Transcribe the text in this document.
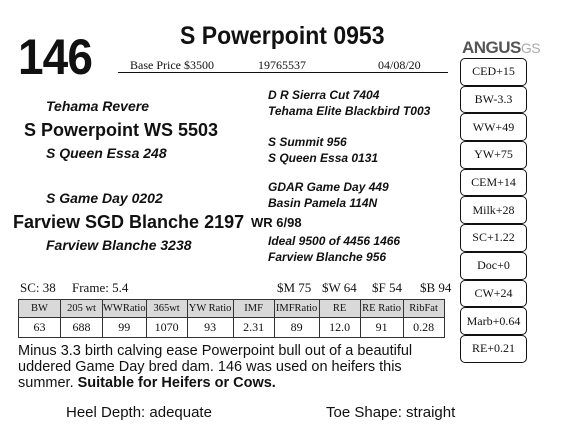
146	S Powerpoint 0953
Base Price $3500	19765537	04/08/20
ANGUSGS
Tehama Revere
S Powerpoint WS 5503
S Queen Essa 248
S Game Day 0202
Farview SGD Blanche 2197 WR 6/98
Farview Blanche 3238
D R Sierra Cut 7404
Tehama Elite Blackbird T003
S Summit 956
S Queen Essa 0131
GDAR Game Day 449
Basin Pamela 114N
Ideal 9500 of 4456 1466
Farview Blanche 956
SC: 38 Frame: 5.4	$M 75 $W 64 $F 54 $B 94
BW	205 wt	WWRatio	365wt	YW Ratio	IMF	IMFRatio	RE	RE Ratio	RibFat
63	688	99	1070	93	2.31	89	12.0	91	0.28
CED+15
BW-3.3
WW+49
YW+75
CEM+14
Milk+28
SC+1.22
Doc+0
CW+24
Marb+0.64
RE+0.21
Minus 3.3 birth calving ease Powerpoint bull out of a beautiful uddered Game Day bred dam. 146 was used on heifers this summer. Suitable for Heifers or Cows.
Heel Depth: adequate	Toe Shape: straight
